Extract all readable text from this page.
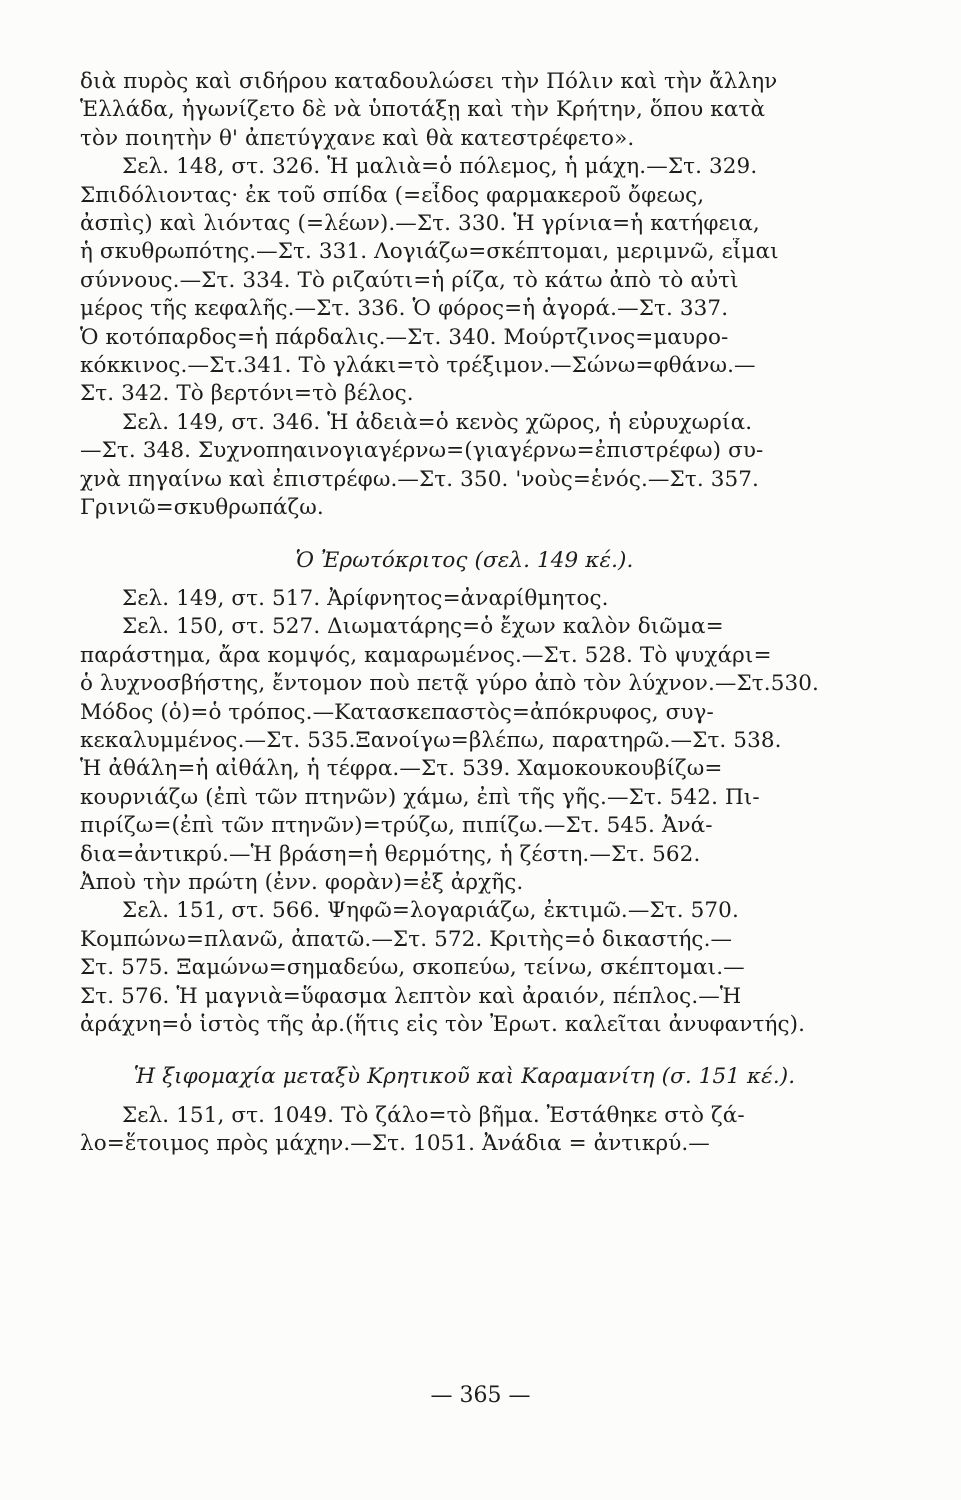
διὰ πυρὸς καὶ σιδήρου καταδουλώσει τὴν Πόλιν καὶ τὴν ἄλλην
Ἑλλάδα, ἠγωνίζετο δὲ νὰ ὑποτάξῃ καὶ τὴν Κρήτην, ὅπου κατὰ
τὸν ποιητὴν θ' ἀπετύγχανε καὶ θὰ κατεστρέφετο».

Σελ. 148, στ. 326. Ἡ μαλιὰ=ὁ πόλεμος, ἡ μάχη.—Στ. 329.
Σπιδόλιοντας· ἐκ τοῦ σπίδα (=εἶδος φαρμακεροῦ ὄφεως,
ἀσπὶς) καὶ λιόντας (=λέων).—Στ. 330. Ἡ γρίνια=ἡ κατήφεια,
ἡ σκυθρωπότης.—Στ. 331. Λογιάζω=σκέπτομαι, μεριμνῶ, εἶμαι
σύννους.—Στ. 334. Τὸ ριζαύτι=ἡ ρίζα, τὸ κάτω ἀπὸ τὸ αὐτὶ
μέρος τῆς κεφαλῆς.—Στ. 336. Ὁ φόρος=ἡ ἀγορά.—Στ. 337.
Ὁ κοτόπαρδος=ἡ πάρδαλις.—Στ. 340. Μούρτζινος=μαυρο-
κόκκινος.—Στ.341. Τὸ γλάκι=τὸ τρέξιμον.—Σώνω=φθάνω.—
Στ. 342. Τὸ βερτόνι=τὸ βέλος.

Σελ. 149, στ. 346. Ἡ ἀδειὰ=ὁ κενὸς χῶρος, ἡ εὐρυχωρία.
—Στ. 348. Συχνοπηαινογιαγέρνω=(γιαγέρνω=ἐπιστρέφω) συ-
χνὰ πηγαίνω καὶ ἐπιστρέφω.—Στ. 350. 'νοὺς=ἑνός.—Στ. 357.
Γρινιῶ=σκυθρωπάζω.

Ὁ Ἐρωτόκριτος (σελ. 149 κέ.).

Σελ. 149, στ. 517. Ἀρίφνητος=ἀναρίθμητος.

Σελ. 150, στ. 527. Διωματάρης=ὁ ἔχων καλὸν διῶμα=
παράστημα, ἄρα κομψός, καμαρωμένος.—Στ. 528. Τὸ ψυχάρι=
ὁ λυχνοσβήστης, ἔντομον ποὺ πετᾷ γύρο ἀπὸ τὸν λύχνον.—Στ.530.
Μόδος (ὁ)=ὁ τρόπος.—Κατασκεπαστὸς=ἀπόκρυφος, συγ-
κεκαλυμμένος.—Στ. 535.Ξανοίγω=βλέπω, παρατηρῶ.—Στ. 538.
Ἡ ἀθάλη=ἡ αἰθάλη, ἡ τέφρα.—Στ. 539. Χαμοκουκουβίζω=
κουρνιάζω (ἐπὶ τῶν πτηνῶν) χάμω, ἐπὶ τῆς γῆς.—Στ. 542. Πι-
πιρίζω=(ἐπὶ τῶν πτηνῶν)=τρύζω, πιπίζω.—Στ. 545. Ἀνά-
δια=ἀντικρύ.—Ἡ βράση=ἡ θερμότης, ἡ ζέστη.—Στ. 562.
Ἀποὺ τὴν πρώτη (ἐνν. φορὰν)=ἐξ ἀρχῆς.

Σελ. 151, στ. 566. Ψηφῶ=λογαριάζω, ἐκτιμῶ.—Στ. 570.
Κομπώνω=πλανῶ, ἀπατῶ.—Στ. 572. Κριτὴς=ὁ δικαστής.—
Στ. 575. Ξαμώνω=σημαδεύω, σκοπεύω, τείνω, σκέπτομαι.—
Στ. 576. Ἡ μαγνιὰ=ὕφασμα λεπτὸν καὶ ἀραιόν, πέπλος.—Ἡ
ἀράχνη=ὁ ἱστὸς τῆς ἀρ.(ἥτις εἰς τὸν Ἐρωτ. καλεῖται ἀνυφαντής).

Ἡ ξιφομαχία μεταξὺ Κρητικοῦ καὶ Καραμανίτη (σ. 151 κέ.).

Σελ. 151, στ. 1049. Τὸ ζάλο=τὸ βῆμα. Ἐστάθηκε στὸ ζά-
λο=ἕτοιμος πρὸς μάχην.—Στ. 1051. Ἀνάδια = ἀντικρύ.—

— 365 —
